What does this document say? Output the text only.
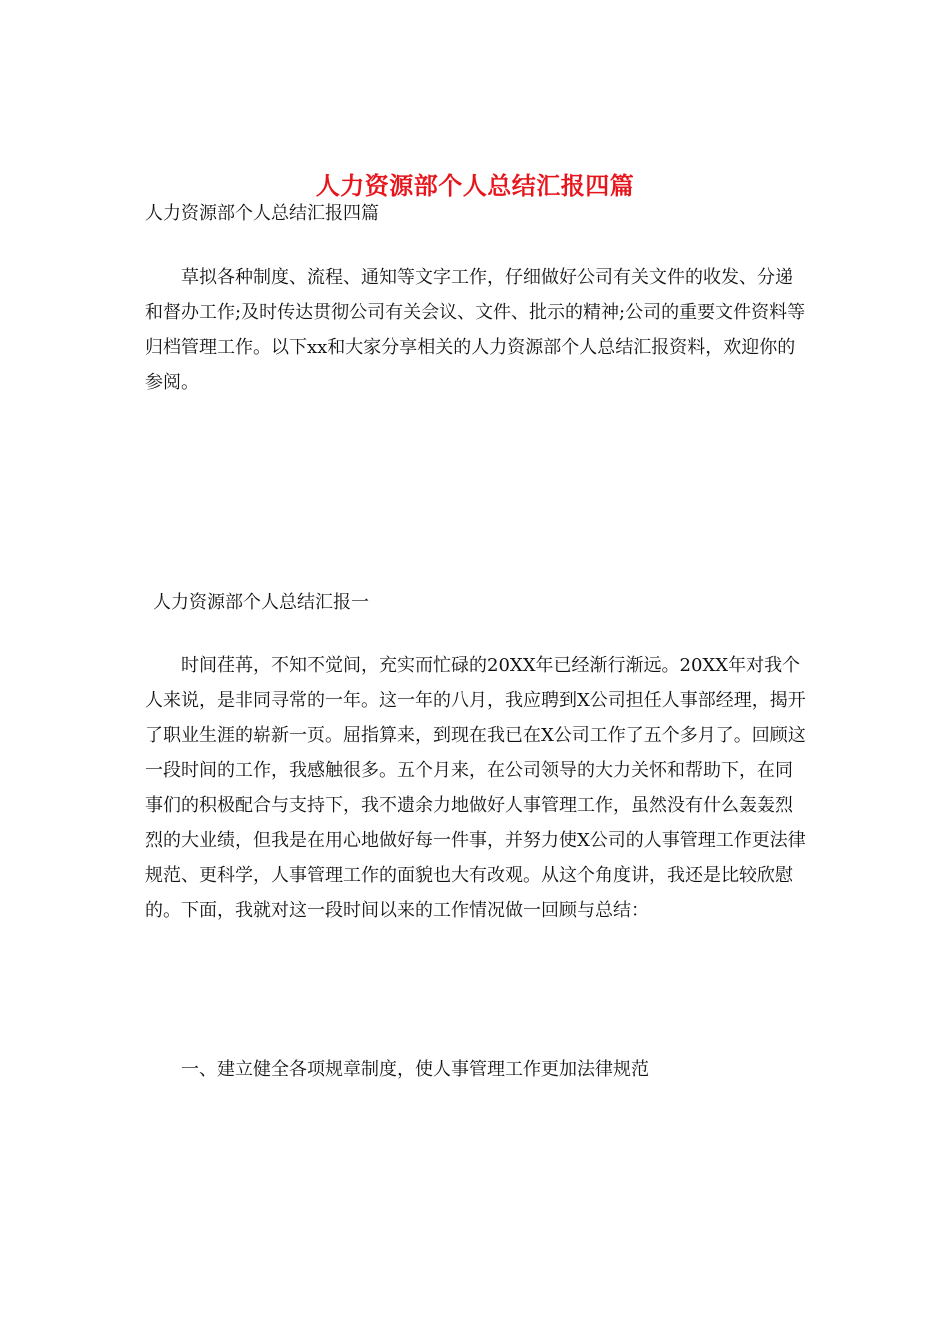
人力资源部个人总结汇报四篇

人力资源部个人总结汇报四篇

草拟各种制度、流程、通知等文字工作，仔细做好公司有关文件的收发、分递和督办工作;及时传达贯彻公司有关会议、文件、批示的精神;公司的重要文件资料等归档管理工作。以下xx和大家分享相关的人力资源部个人总结汇报资料，欢迎你的参阅。

人力资源部个人总结汇报一

时间荏苒，不知不觉间，充实而忙碌的20XX年已经渐行渐远。20XX年对我个人来说，是非同寻常的一年。这一年的八月，我应聘到X公司担任人事部经理，揭开了职业生涯的崭新一页。屈指算来，到现在我已在X公司工作了五个多月了。回顾这一段时间的工作，我感触很多。五个月来，在公司领导的大力关怀和帮助下，在同事们的积极配合与支持下，我不遗余力地做好人事管理工作，虽然没有什么轰轰烈烈的大业绩，但我是在用心地做好每一件事，并努力使X公司的人事管理工作更法律规范、更科学，人事管理工作的面貌也大有改观。从这个角度讲，我还是比较欣慰的。下面，我就对这一段时间以来的工作情况做一回顾与总结：

一、建立健全各项规章制度，使人事管理工作更加法律规范
